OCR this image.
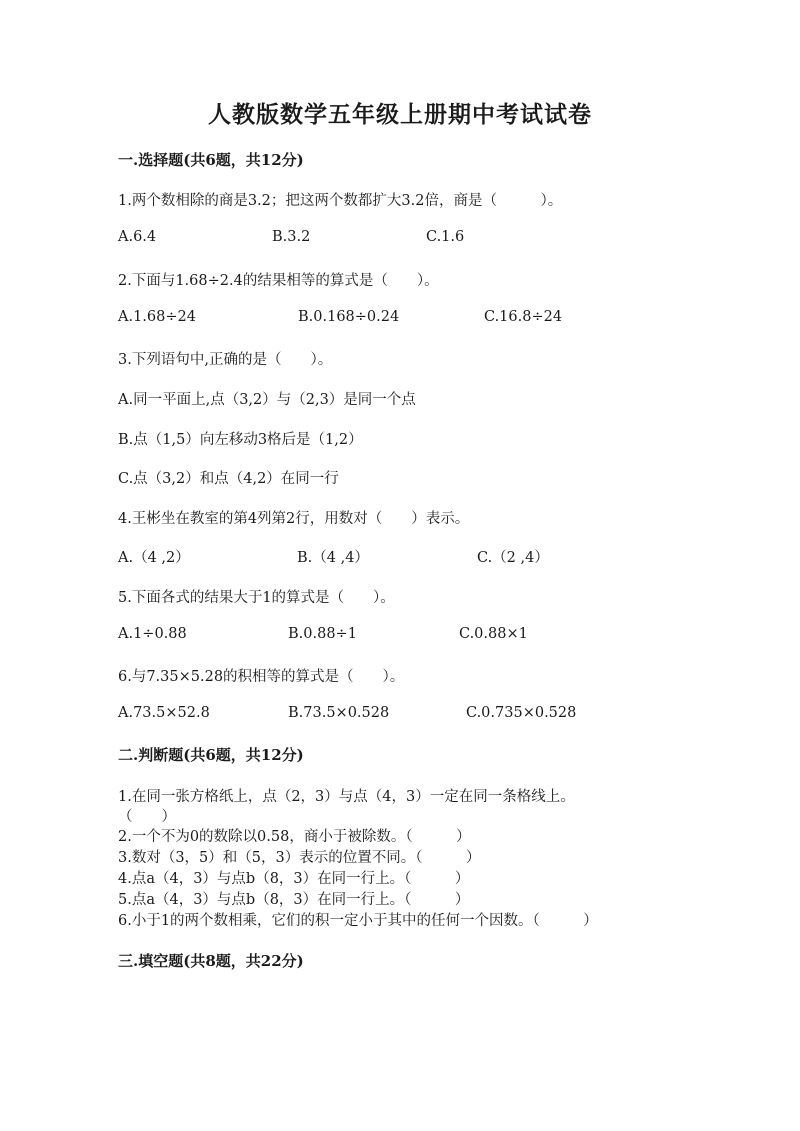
人教版数学五年级上册期中考试试卷
一.选择题(共6题，共12分)
1.两个数相除的商是3.2；把这两个数都扩大3.2倍，商是（　　　）。
A.6.4	B.3.2	C.1.6
2.下面与1.68÷2.4的结果相等的算式是（　　）。
A.1.68÷24	B.0.168÷0.24	C.16.8÷24
3.下列语句中,正确的是（　　）。
A.同一平面上,点（3,2）与（2,3）是同一个点
B.点（1,5）向左移动3格后是（1,2）
C.点（3,2）和点（4,2）在同一行
4.王彬坐在教室的第4列第2行，用数对（　　）表示。
A.（4 ,2）	B.（4 ,4）	C.（2 ,4）
5.下面各式的结果大于1的算式是（　　）。
A.1÷0.88	B.0.88÷1	C.0.88×1
6.与7.35×5.28的积相等的算式是（　　）。
A.73.5×52.8	B.73.5×0.528	C.0.735×0.528
二.判断题(共6题，共12分)
1.在同一张方格纸上，点（2，3）与点（4，3）一定在同一条格线上。
（　　）
2.一个不为0的数除以0.58，商小于被除数。（　　　）
3.数对（3，5）和（5，3）表示的位置不同。（　　　）
4.点a（4，3）与点b（8，3）在同一行上。（　　　）
5.点a（4，3）与点b（8，3）在同一行上。（　　　）
6.小于1的两个数相乘，它们的积一定小于其中的任何一个因数。（　　　）
三.填空题(共8题，共22分)
